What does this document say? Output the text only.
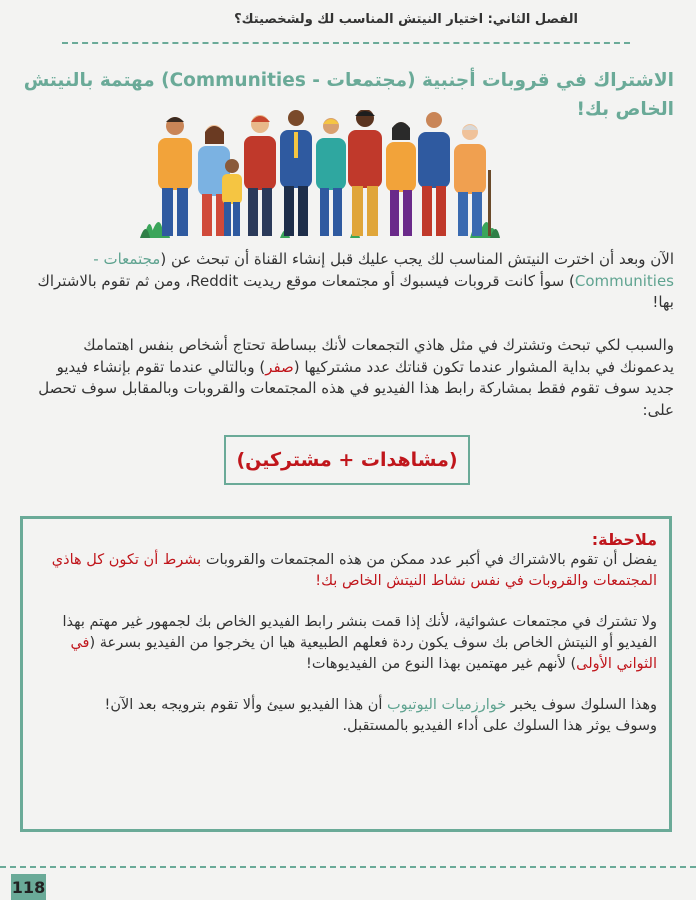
الفصل الثاني: اختيار النيتش المناسب لك ولشخصيتك؟
الاشتراك في قروبات أجنبية (مجتمعات - Communities) مهتمة بالنيتش الخاص بك!
الآن وبعد أن اخترت النيتش المناسب لك يجب عليك قبل إنشاء القناة أن تبحث عن (مجتمعات - Communities) سوأ كانت قروبات فيسبوك أو مجتمعات موقع ريديت Reddit، ومن ثم تقوم بالاشتراك بها!
والسبب لكي تبحث وتشترك في مثل هاذي التجمعات لأنك ببساطة تحتاج أشخاص بنفس اهتمامك يدعمونك في بداية المشوار عندما تكون قناتك عدد مشتركيها (صفر) وبالتالي عندما تقوم بإنشاء فيديو جديد سوف تقوم فقط بمشاركة رابط هذا الفيديو في هذه المجتمعات والقروبات وبالمقابل سوف تحصل على:
(مشاهدات + مشتركين)
ملاحظة:
يفضل أن تقوم بالاشتراك في أكبر عدد ممكن من هذه المجتمعات والقروبات بشرط أن تكون كل هاذي المجتمعات والقروبات في نفس نشاط النيتش الخاص بك!
ولا تشترك في مجتمعات عشوائية، لأنك إذا قمت بنشر رابط الفيديو الخاص بك لجمهور غير مهتم بهذا الفيديو أو النيتش الخاص بك سوف يكون ردة فعلهم الطبيعية هيا ان يخرجوا من الفيديو بسرعة (في الثواني الأولى) لأنهم غير مهتمين بهذا النوع من الفيديوهات!
وهذا السلوك سوف يخبر خوارزميات اليوتيوب أن هذا الفيديو سيئ وألا تقوم بترويجه بعد الآن!
وسوف يوثر هذا السلوك على أداء الفيديو بالمستقبل.
118
